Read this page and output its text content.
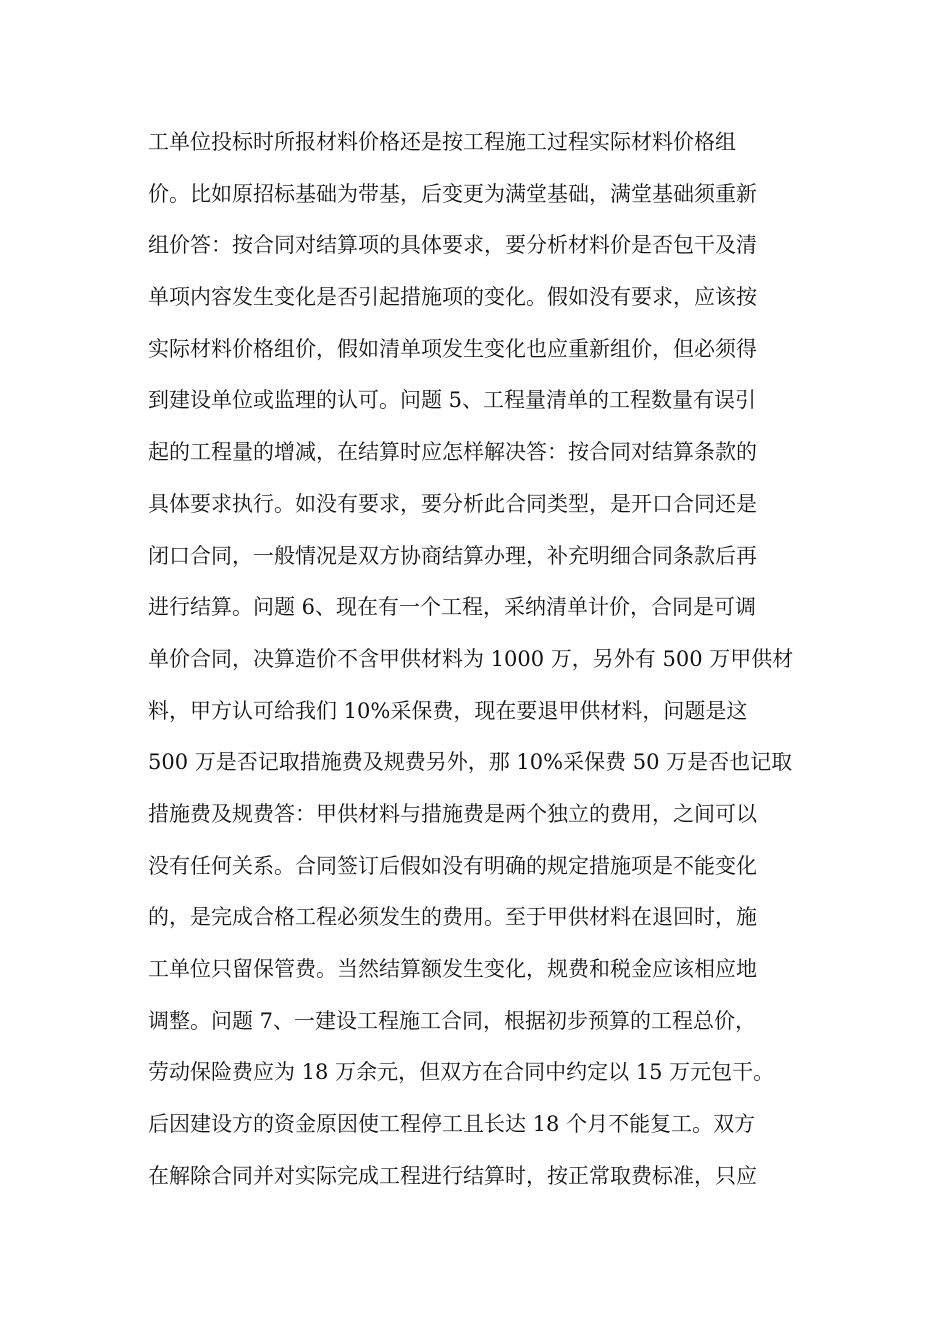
工单位投标时所报材料价格还是按工程施工过程实际材料价格组
价。比如原招标基础为带基，后变更为满堂基础，满堂基础须重新
组价答：按合同对结算项的具体要求，要分析材料价是否包干及清
单项内容发生变化是否引起措施项的变化。假如没有要求，应该按
实际材料价格组价，假如清单项发生变化也应重新组价，但必须得
到建设单位或监理的认可。问题 5、工程量清单的工程数量有误引
起的工程量的增减，在结算时应怎样解决答：按合同对结算条款的
具体要求执行。如没有要求，要分析此合同类型，是开口合同还是
闭口合同，一般情况是双方协商结算办理，补充明细合同条款后再
进行结算。问题 6、现在有一个工程，采纳清单计价，合同是可调
单价合同，决算造价不含甲供材料为 1000 万，另外有 500 万甲供材
料，甲方认可给我们 10%采保费，现在要退甲供材料，问题是这
500 万是否记取措施费及规费另外，那 10%采保费 50 万是否也记取
措施费及规费答：甲供材料与措施费是两个独立的费用，之间可以
没有任何关系。合同签订后假如没有明确的规定措施项是不能变化
的，是完成合格工程必须发生的费用。至于甲供材料在退回时，施
工单位只留保管费。当然结算额发生变化，规费和税金应该相应地
调整。问题 7、一建设工程施工合同，根据初步预算的工程总价，
劳动保险费应为 18 万余元，但双方在合同中约定以 15 万元包干。
后因建设方的资金原因使工程停工且长达 18 个月不能复工。双方
在解除合同并对实际完成工程进行结算时，按正常取费标准，只应
